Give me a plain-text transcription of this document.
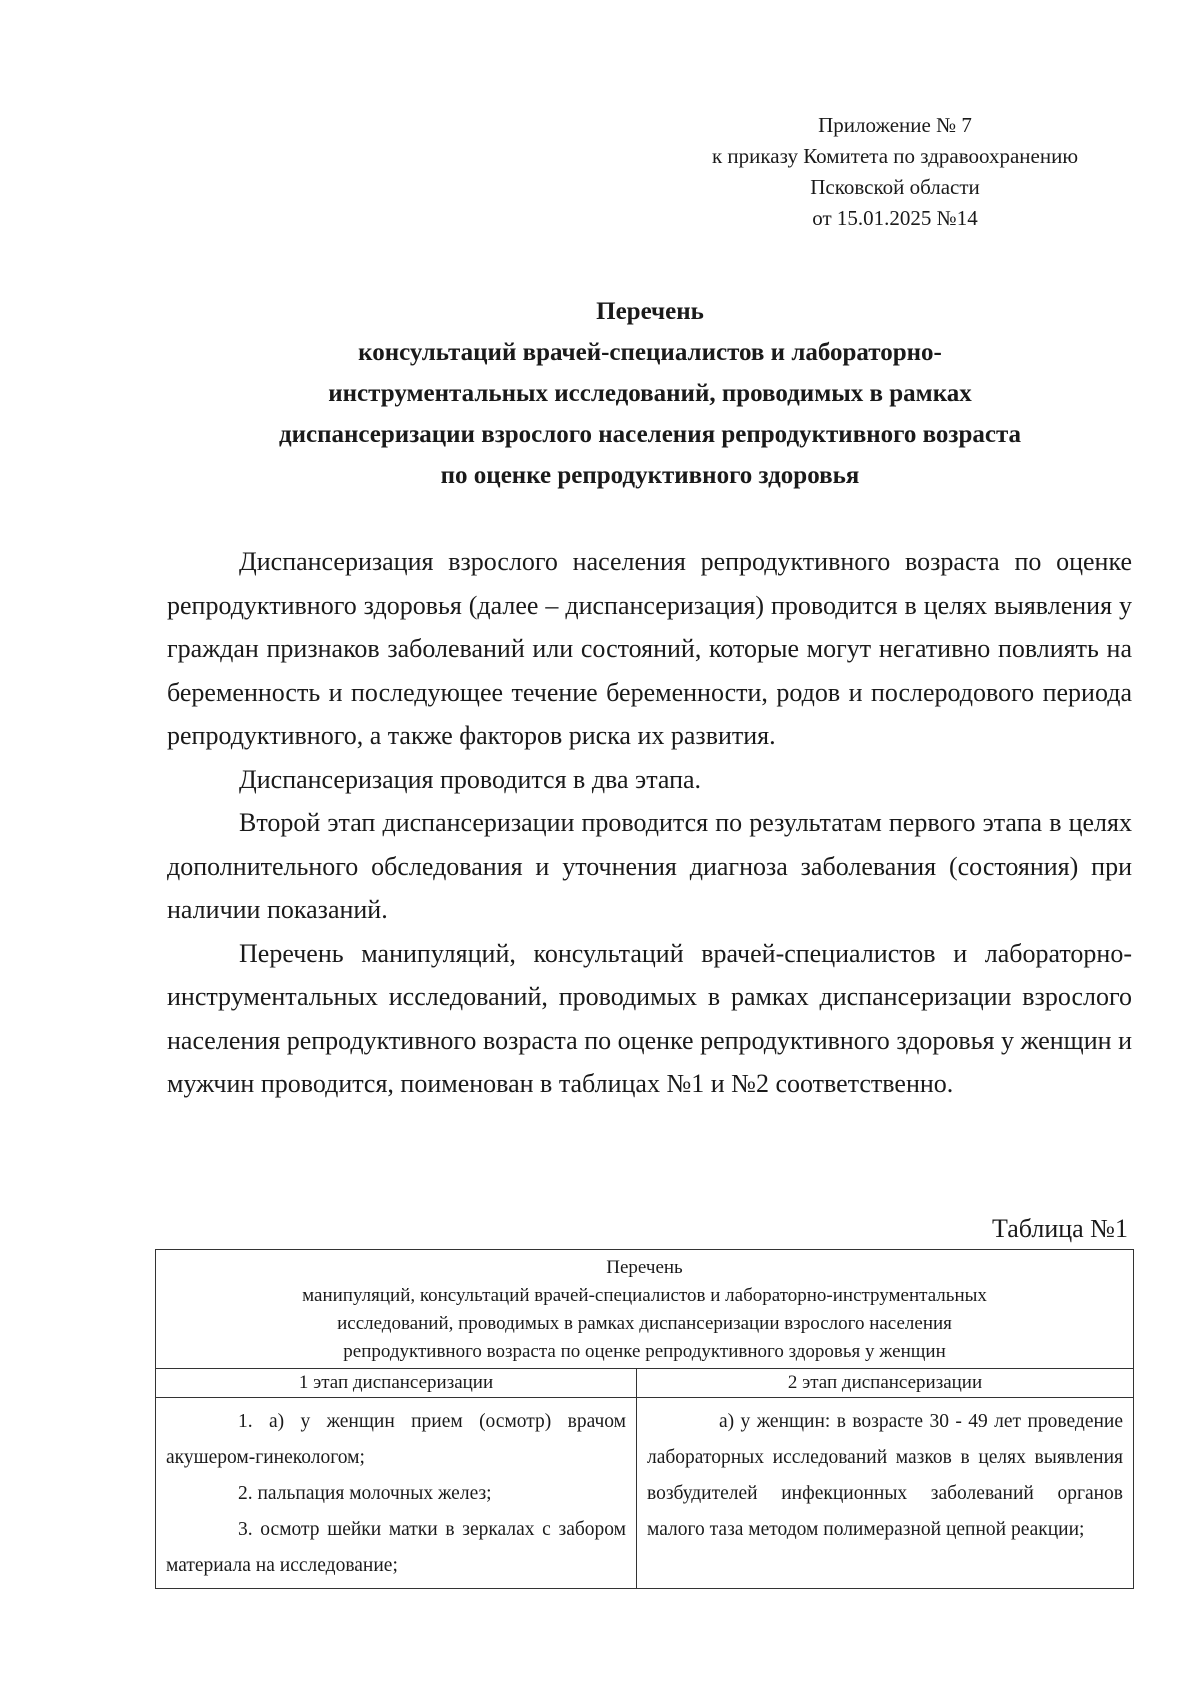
Приложение № 7
к приказу Комитета по здравоохранению
Псковской области
от 15.01.2025 №14
Перечень
консультаций врачей-специалистов и лабораторно-
инструментальных исследований, проводимых в рамках
диспансеризации взрослого населения репродуктивного возраста
по оценке репродуктивного здоровья

Диспансеризация взрослого населения репродуктивного возраста по оценке репродуктивного здоровья (далее – диспансеризация) проводится в целях выявления у граждан признаков заболеваний или состояний, которые могут негативно повлиять на беременность и последующее течение беременности, родов и послеродового периода репродуктивного, а также факторов риска их развития.

Диспансеризация проводится в два этапа.

Второй этап диспансеризации проводится по результатам первого этапа в целях дополнительного обследования и уточнения диагноза заболевания (состояния) при наличии показаний.

Перечень манипуляций, консультаций врачей-специалистов и лабораторно-инструментальных исследований, проводимых в рамках диспансеризации взрослого населения репродуктивного возраста по оценке репродуктивного здоровья у женщин и мужчин проводится, поименован в таблицах №1 и №2 соответственно.

Таблица №1
Перечень
манипуляций, консультаций врачей-специалистов и лабораторно-инструментальных
исследований, проводимых в рамках диспансеризации взрослого населения
репродуктивного возраста по оценке репродуктивного здоровья у женщин	

1 этап диспансеризации	2 этап диспансеризации

1. а) у женщин прием (осмотр) врачом акушером-гинекологом;
2. пальпация молочных желез;
3. осмотр шейки матки в зеркалах с забором материала на исследование;	а) у женщин: в возрасте 30 - 49 лет проведение лабораторных исследований мазков в целях выявления возбудителей инфекционных заболеваний органов малого таза методом полимеразной цепной реакции;
